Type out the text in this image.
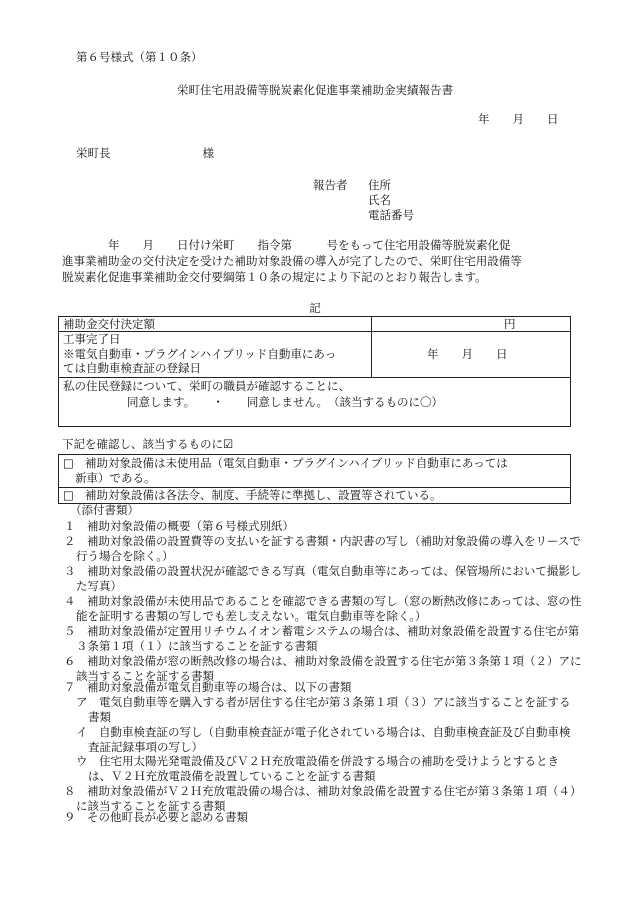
第６号様式（第１０条）
栄町住宅用設備等脱炭素化促進事業補助金実績報告書
年　　月　　日
栄町長　　　　　　　　様
報告者 住所
氏名
電話番号
　　　　年　　月　　日付け栄町　　指令第　　　号をもって住宅用設備等脱炭素化促
進事業補助金の交付決定を受けた補助対象設備の導入が完了したので、栄町住宅用設備等
脱炭素化促進事業補助金交付要綱第１０条の規定により下記のとおり報告します。
記
補助金交付決定額	円
工事完了日
※電気自動車・プラグインハイブリッド自動車にあっ
ては自動車検査証の登録日
年　　月　　日
私の住民登録について、栄町の職員が確認することに、
同意します。　　・　　同意しません。　（該当するものに〇）
下記を確認し、該当するものに☑
□ 補助対象設備は未使用品（電気自動車・プラグインハイブリッド自動車にあっては
新車）である。
□ 補助対象設備は各法令、制度、手続等に準拠し、設置等されている。
（添付書類）
１　補助対象設備の概要（第６号様式別紙）
２　補助対象設備の設置費等の支払いを証する書類・内訳書の写し（補助対象設備の導入をリースで行う場合を除く。）
３　補助対象設備の設置状況が確認できる写真（電気自動車等にあっては、保管場所において撮影した写真）
４　補助対象設備が未使用品であることを確認できる書類の写し（窓の断熱改修にあっては、窓の性能を証明する書類の写しでも差し支えない。電気自動車等を除く。）
５　補助対象設備が定置用リチウムイオン蓄電システムの場合は、補助対象設備を設置する住宅が第３条第１項（１）に該当することを証する書類
６　補助対象設備が窓の断熱改修の場合は、補助対象設備を設置する住宅が第３条第１項（２）アに該当することを証する書類
７　補助対象設備が電気自動車等の場合は、以下の書類
ア　電気自動車等を購入する者が居住する住宅が第３条第１項（３）アに該当することを証する書類
イ　自動車検査証の写し（自動車検査証が電子化されている場合は、自動車検査証及び自動車検査証記録事項の写し）
ウ　住宅用太陽光発電設備及びＶ２Ｈ充放電設備を併設する場合の補助を受けようとするときは、Ｖ２Ｈ充放電設備を設置していることを証する書類
８　補助対象設備がＶ２Ｈ充放電設備の場合は、補助対象設備を設置する住宅が第３条第１項（４）に該当することを証する書類
９　その他町長が必要と認める書類
